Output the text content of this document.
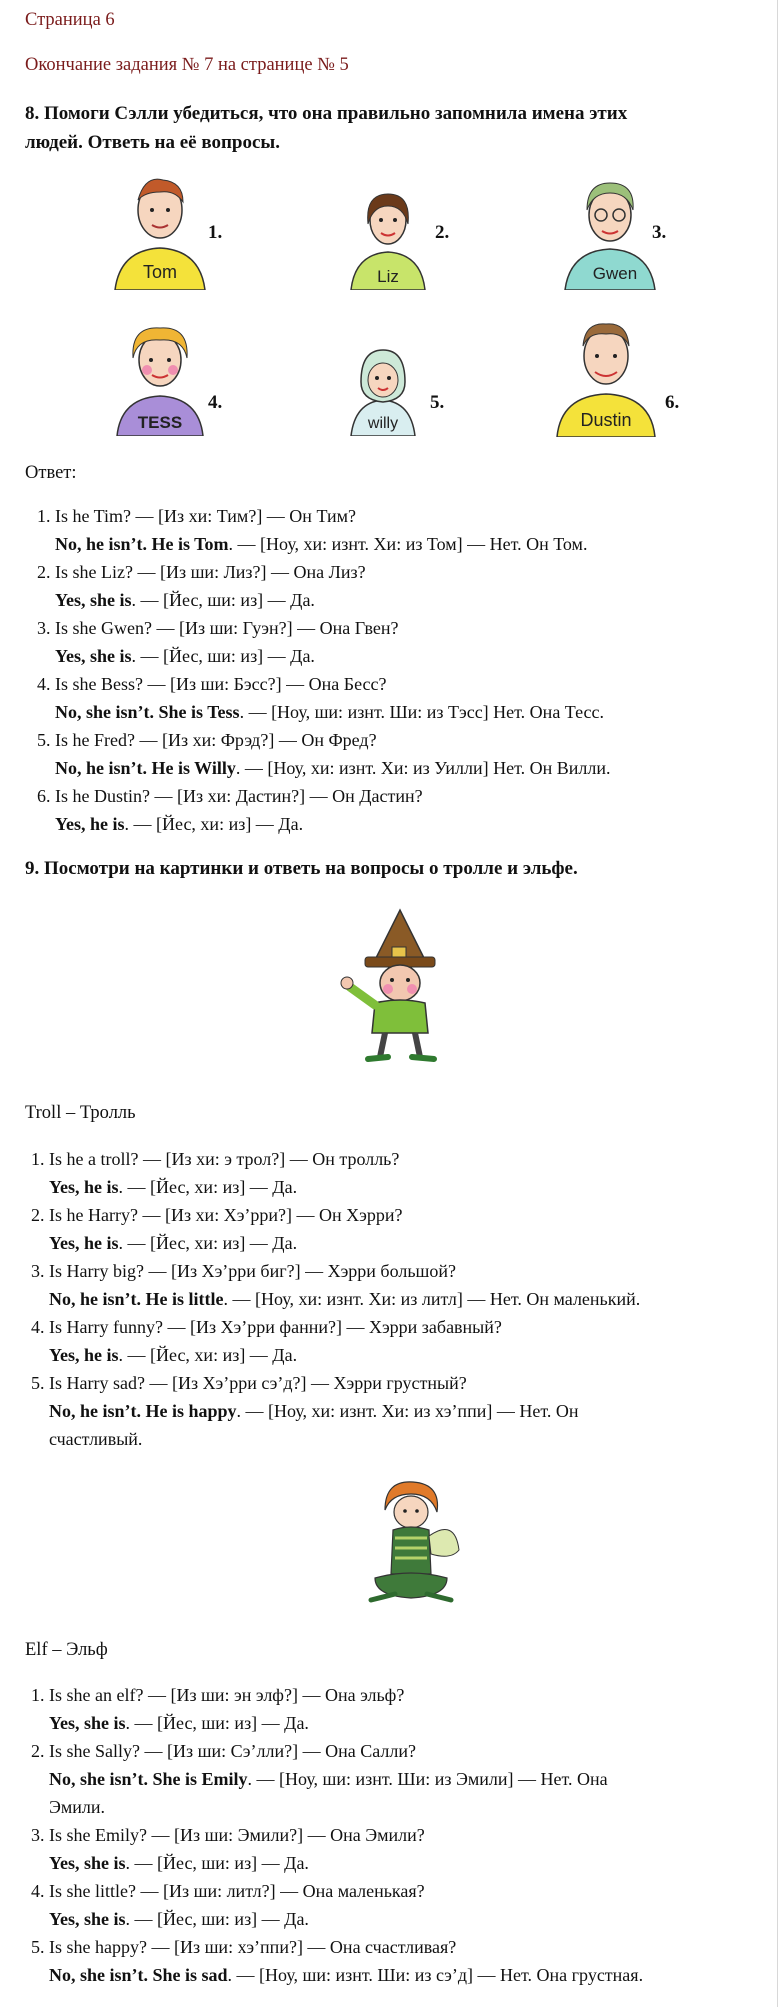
Страница 6
Окончание задания № 7 на странице № 5
8. Помоги Сэлли убедиться, что она правильно запомнила имена этих
людей. Ответь на её вопросы.
Tom
1.
Liz
2.
Gwen
3.
TESS
4.
willy
5.
Dustin
6.
Ответ:
1. Is he Tim? — [Из хи: Тим?] — Он Тим?
No, he isn’t. He is Tom. — [Ноу, хи: изнт. Хи: из Том] — Нет. Он Том.
2. Is she Liz? — [Из ши: Лиз?] — Она Лиз?
Yes, she is. — [Йес, ши: из] — Да.
3. Is she Gwen? — [Из ши: Гуэн?] — Она Гвен?
Yes, she is. — [Йес, ши: из] — Да.
4. Is she Bess? — [Из ши: Бэсс?] — Она Бесс?
No, she isn’t. She is Tess. — [Ноу, ши: изнт. Ши: из Тэсс] Нет. Она Тесс.
5. Is he Fred? — [Из хи: Фрэд?] — Он Фред?
No, he isn’t. He is Willy. — [Ноу, хи: изнт. Хи: из Уилли] Нет. Он Вилли.
6. Is he Dustin? — [Из хи: Дастин?] — Он Дастин?
Yes, he is. — [Йес, хи: из] — Да.
9. Посмотри на картинки и ответь на вопросы о тролле и эльфе.
Troll – Тролль
1. Is he a troll? — [Из хи: э трол?] — Он тролль?
Yes, he is. — [Йес, хи: из] — Да.
2. Is he Harry? — [Из хи: Хэ’рри?] — Он Хэрри?
Yes, he is. — [Йес, хи: из] — Да.
3. Is Harry big? — [Из Хэ’рри биг?] — Хэрри большой?
No, he isn’t. He is little. — [Ноу, хи: изнт. Хи: из литл] — Нет. Он маленький.
4. Is Harry funny? — [Из Хэ’рри фанни?] — Хэрри забавный?
Yes, he is. — [Йес, хи: из] — Да.
5. Is Harry sad? — [Из Хэ’рри сэ’д?] — Хэрри грустный?
No, he isn’t. He is happy. — [Ноу, хи: изнт. Хи: из хэ’ппи] — Нет. Он
счастливый.
Elf – Эльф
1. Is she an elf? — [Из ши: эн элф?] — Она эльф?
Yes, she is. — [Йес, ши: из] — Да.
2. Is she Sally? — [Из ши: Сэ’лли?] — Она Салли?
No, she isn’t. She is Emily. — [Ноу, ши: изнт. Ши: из Эмили] — Нет. Она
Эмили.
3. Is she Emily? — [Из ши: Эмили?] — Она Эмили?
Yes, she is. — [Йес, ши: из] — Да.
4. Is she little? — [Из ши: литл?] — Она маленькая?
Yes, she is. — [Йес, ши: из] — Да.
5. Is she happy? — [Из ши: хэ’ппи?] — Она счастливая?
No, she isn’t. She is sad. — [Ноу, ши: изнт. Ши: из сэ’д] — Нет. Она грустная.
